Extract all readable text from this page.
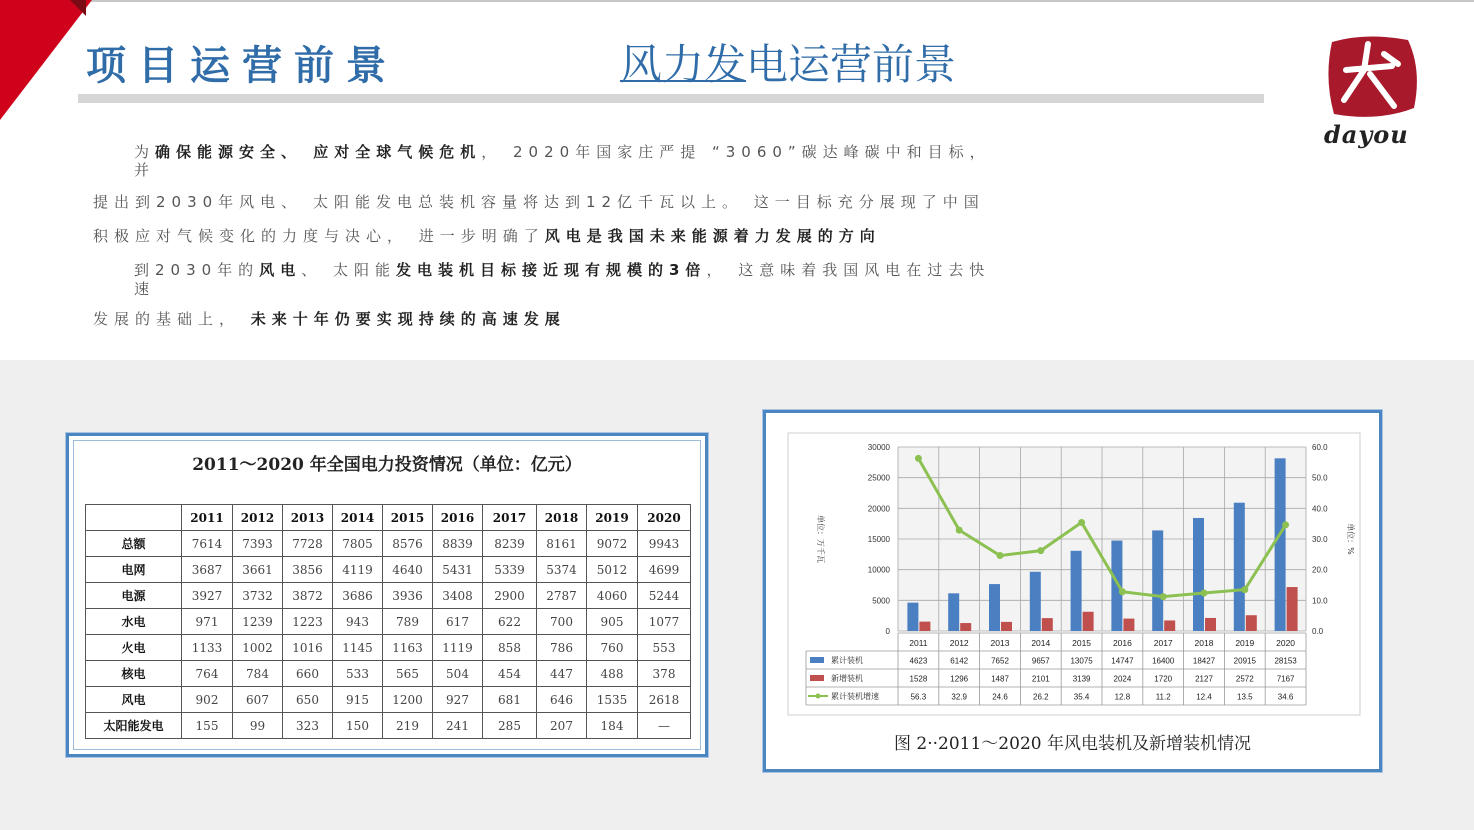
项目运营前景	风力发电运营前景
dayou
为确保能源安全、 应对全球气候危机， 2020年国家庄严提 “3060”碳达峰碳中和目标，
并
提出到2030年风电、 太阳能发电总装机容量将达到12亿千瓦以上。 这一目标充分展现了中国
积极应对气候变化的力度与决心， 进一步明确了风电是我国未来能源着力发展的方向
到2030年的风电、 太阳能发电装机目标接近现有规模的3倍， 这意味着我国风电在过去快
速
发展的基础上， 未来十年仍要实现持续的高速发展
2011～2020 年全国电力投资情况（单位：亿元）
	2011	2012	2013	2014	2015	2016	2017	2018	2019	2020
总额	7614	7393	7728	7805	8576	8839	8239	8161	9072	9943
电网	3687	3661	3856	4119	4640	5431	5339	5374	5012	4699
电源	3927	3732	3872	3686	3936	3408	2900	2787	4060	5244
水电	971	1239	1223	943	789	617	622	700	905	1077
火电	1133	1002	1016	1145	1163	1119	858	786	760	553
核电	764	784	660	533	565	504	454	447	488	378
风电	902	607	650	915	1200	927	681	646	1535	2618
太阳能发电	155	99	323	150	219	241	285	207	184	—
30000
25000
20000
15000
10000
5000
0
60.0
50.0
40.0
30.0
20.0
10.0
0.0
单位：万千瓦	单位：%
2011	2012	2013	2014	2015	2016	2017	2018	2019	2020
累计装机	4623	6142	7652	9657	13075 14747 16400 18427 20915 28153
新增装机	1528	1296	1487	2101	3139	2024	1720	2127	2572	7167
累计装机增速	56.3	32.9	24.6	26.2	35.4	12.8	11.2	12.4	13.5	34.6
图 2··2011～2020 年风电装机及新增装机情况
